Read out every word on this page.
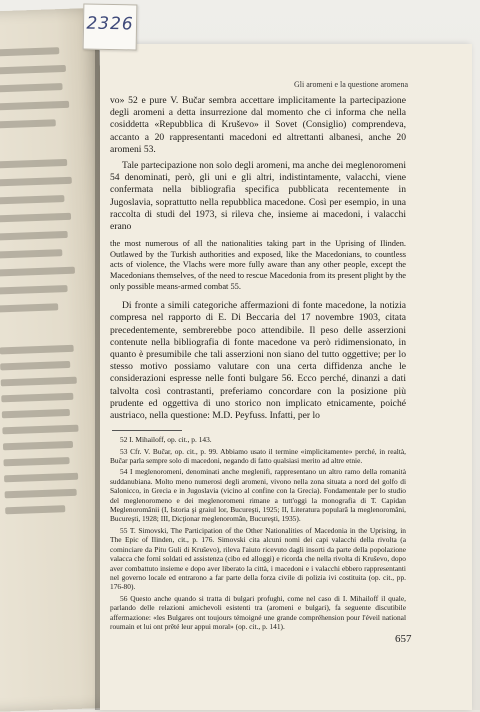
2326
Gli aromeni e la questione aromena

vo» 52 e pure V. Bučar sembra accettare implicitamente la partecipazione degli aromeni a detta insurrezione dal momento che ci informa che nella cosiddetta «Repubblica di Kruševo» il Sovet (Consiglio) comprendeva, accanto a 20 rappresentanti macedoni ed altrettanti albanesi, anche 20 aromeni 53.

Tale partecipazione non solo degli aromeni, ma anche dei meglenoromeni 54 denominati, però, gli uni e gli altri, indistintamente, valacchi, viene confermata nella bibliografia specifica pubblicata recentemente in Jugoslavia, soprattutto nella repubblica macedone. Così per esempio, in una raccolta di studi del 1973, si rileva che, insieme ai macedoni, i valacchi erano

the most numerous of all the nationalities taking part in the Uprising of Ilinden. Outlawed by the Turkish authorities and exposed, like the Macedonians, to countless acts of violence, the Vlachs were more fully aware than any other people, except the Macedonians themselves, of the need to rescue Macedonia from its present plight by the only possible means-armed combat 55.

Di fronte a simili categoriche affermazioni di fonte macedone, la notizia compresa nel rapporto di E. Di Beccaria del 17 novembre 1903, citata precedentemente, sembrerebbe poco attendibile. Il peso delle asserzioni contenute nella bibliografia di fonte macedone va però ridimensionato, in quanto è presumibile che tali asserzioni non siano del tutto oggettive; per lo stesso motivo possiamo valutare con una certa diffidenza anche le considerazioni espresse nelle fonti bulgare 56. Ecco perché, dinanzi a dati talvolta così contrastanti, preferiamo concordare con la posizione più prudente ed oggettiva di uno storico non implicato etnicamente, poiché austriaco, nella questione: M.D. Peyfuss. Infatti, per lo

52 I. Mihailoff, op. cit., p. 143.

53 Cfr. V. Bučar, op. cit., p. 99. Abbiamo usato il termine «implicitamente» perché, in realtà, Bučar parla sempre solo di macedoni, negando di fatto qualsiasi merito ad altre etnie.

54 I meglenoromeni, denominati anche meglenifi, rappresentano un altro ramo della romanità suddanubiana. Molto meno numerosi degli aromeni, vivono nella zona situata a nord del golfo di Salonicco, in Grecia e in Jugoslavia (vicino al confine con la Grecia). Fondamentale per lo studio del meglenoromeno e dei meglenoromeni rimane a tutt'oggi la monografia di T. Capidan Meglenoromânii (I, Istoria şi graiul lor, Bucureşti, 1925; II, Literatura populară la meglenoromâni, Bucureşti, 1928; III, Dicţionar meglenoromân, Bucureşti, 1935).

55 T. Simovski, The Participation of the Other Nationalities of Macedonia in the Uprising, in The Epic of Ilinden, cit., p. 176. Simovski cita alcuni nomi dei capi valacchi della rivolta (a cominciare da Pitu Guli di Kruševo), rileva l'aiuto ricevuto dagli insorti da parte della popolazione valacca che fornì soldati ed assistenza (cibo ed alloggi) e ricorda che nella rivolta di Kruševo, dopo aver combattuto insieme e dopo aver liberato la città, i macedoni e i valacchi ebbero rappresentanti nel governo locale ed entrarono a far parte della forza civile di polizia ivi costituita (op. cit., pp. 176-80).

56 Questo anche quando si tratta di bulgari profughi, come nel caso di I. Mihailoff il quale, parlando delle relazioni amichevoli esistenti tra (aromeni e bulgari), fa seguente discutibile affermazione: «les Bulgares ont toujours témoigné une grande compréhension pour l'éveil national roumain et lui ont prêté leur appui moral» (op. cit., p. 141).

657
